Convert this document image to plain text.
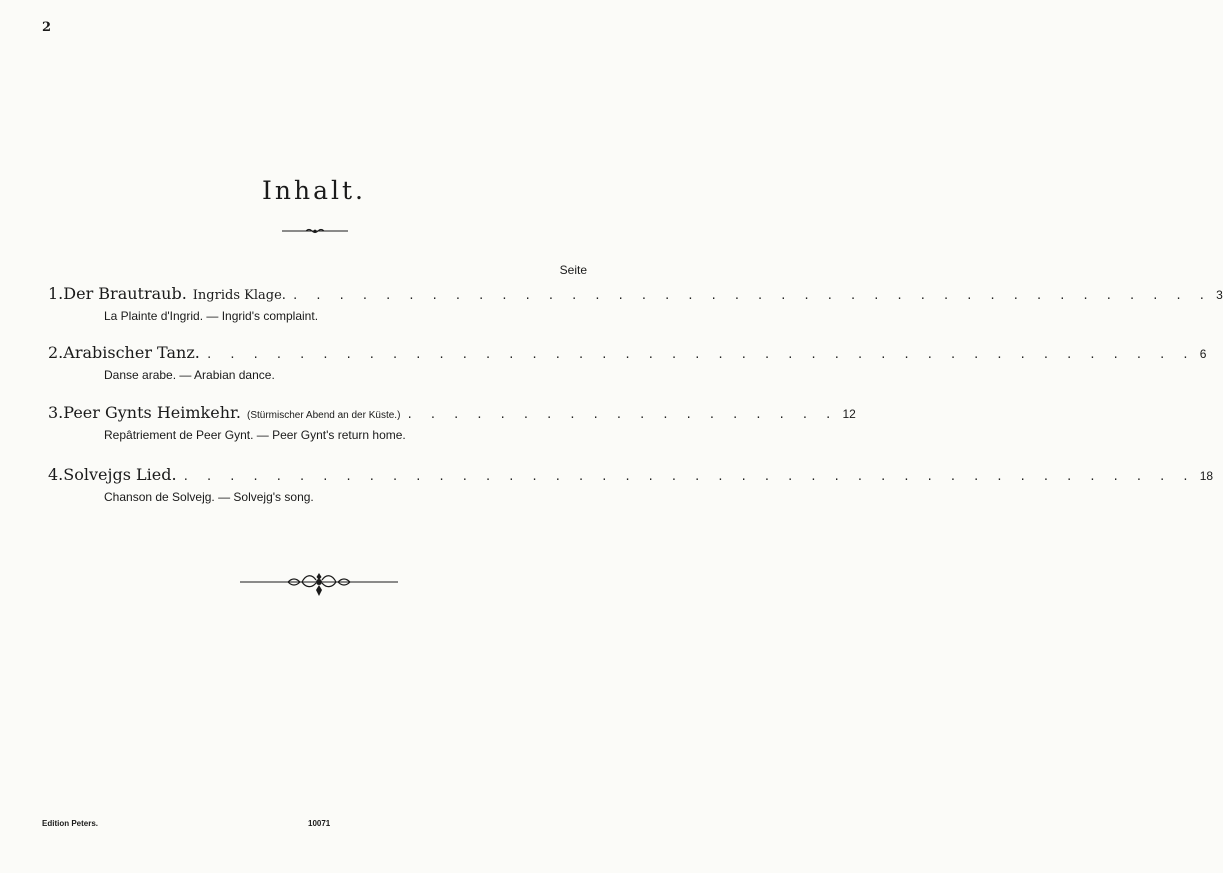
2
Inhalt.
Seite
1. Der Brautraub. Ingrids Klage. . . . . . . . . . . . . . . . . . . . . . . . . . . . . . . . . . . . . . . . . 3
La Plainte d'Ingrid. — Ingrid's complaint.
2. Arabischer Tanz. . . . . . . . . . . . . . . . . . . . . . . . . . . . . . . . . . . . . . . . . . . . 6
Danse arabe. — Arabian dance.
3. Peer Gynts Heimkehr. (Stürmischer Abend an der Küste.) . . . . . . . . . . . . . . . . . . . 12
Repâtriement de Peer Gynt. — Peer Gynt's return home.
4. Solvejgs Lied. . . . . . . . . . . . . . . . . . . . . . . . . . . . . . . . . . . . . . . . . . . . . 18
Chanson de Solvejg. — Solvejg's song.
Edition Peters.	10071
